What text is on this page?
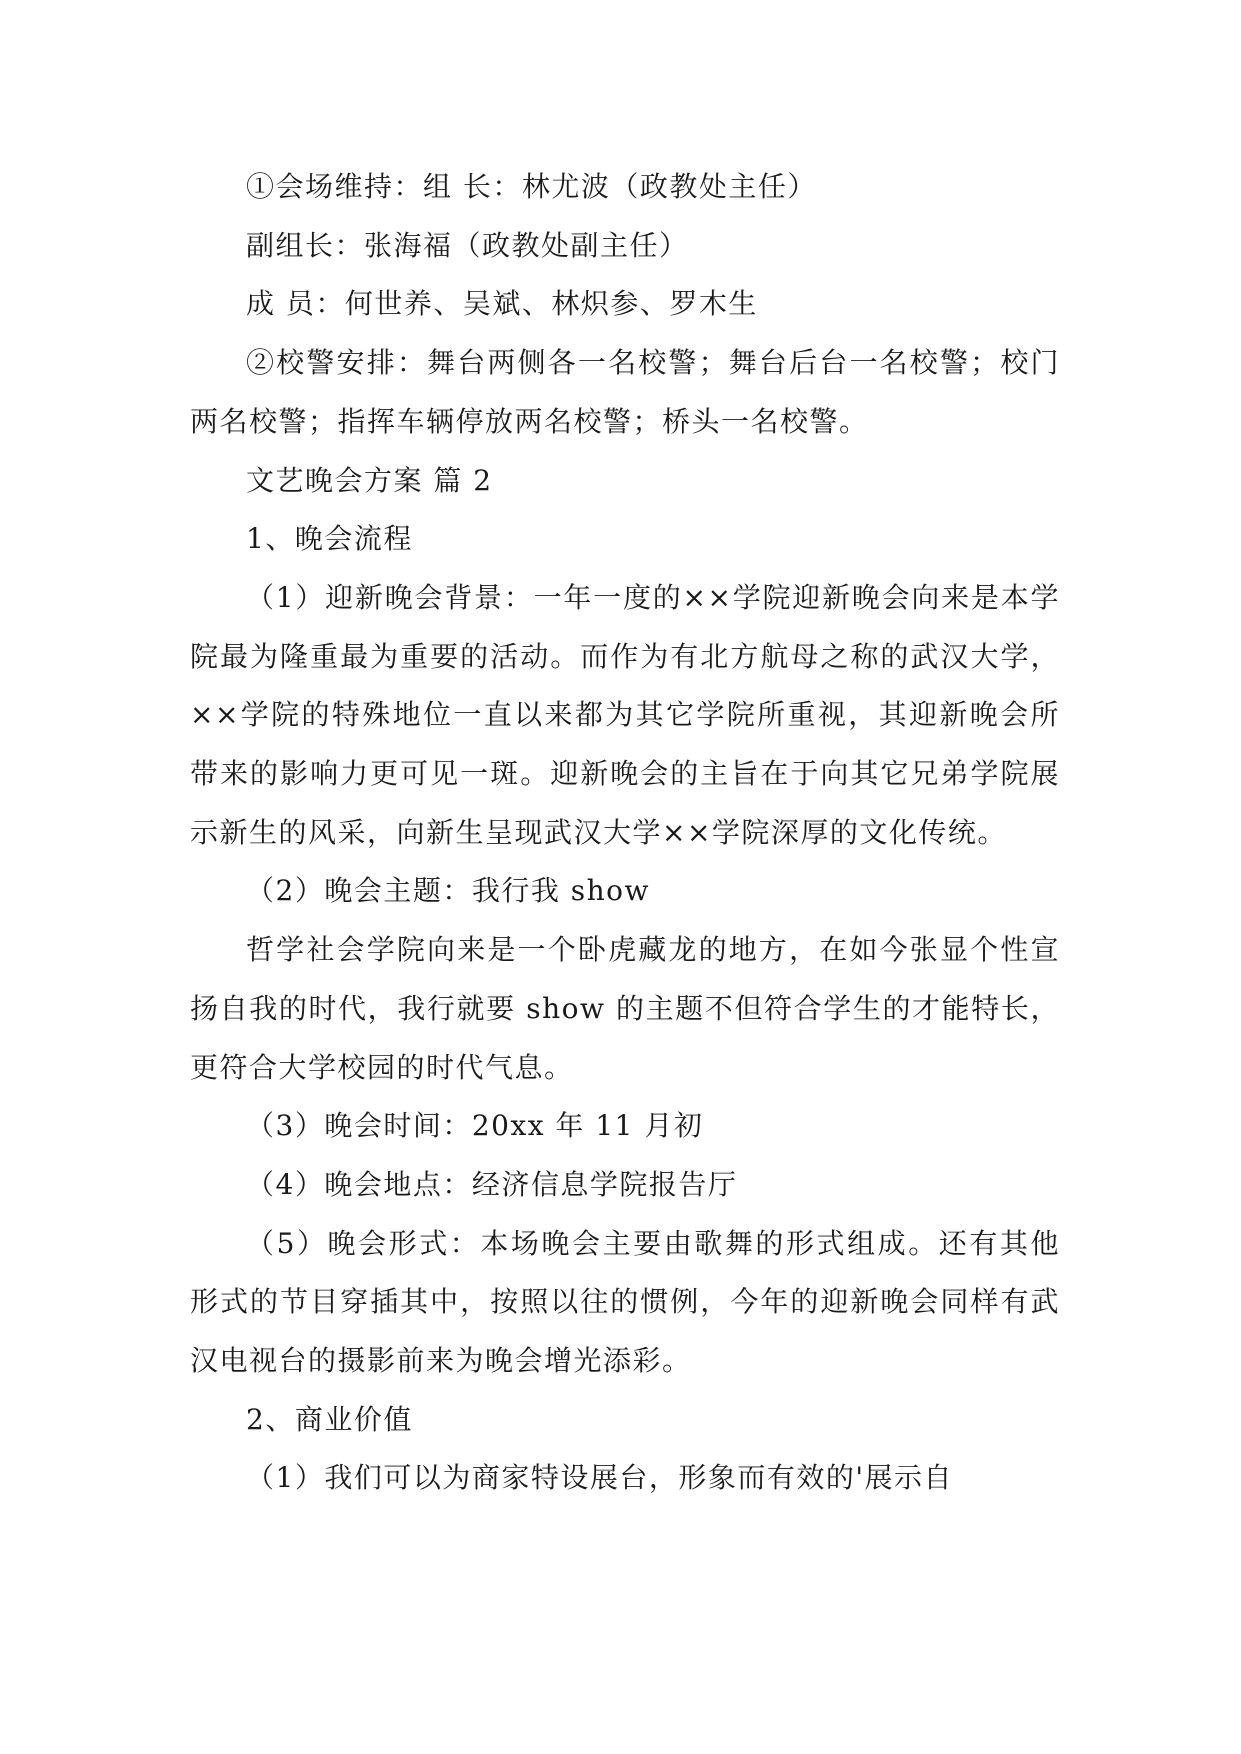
①会场维持：组 长：林尤波（政教处主任）

副组长：张海福（政教处副主任）

成 员：何世养、吴斌、林炽参、罗木生

②校警安排：舞台两侧各一名校警；舞台后台一名校警；校门两名校警；指挥车辆停放两名校警；桥头一名校警。

文艺晚会方案 篇 2

1、晚会流程

（1）迎新晚会背景：一年一度的××学院迎新晚会向来是本学院最为隆重最为重要的活动。而作为有北方航母之称的武汉大学，××学院的特殊地位一直以来都为其它学院所重视，其迎新晚会所带来的影响力更可见一斑。迎新晚会的主旨在于向其它兄弟学院展示新生的风采，向新生呈现武汉大学××学院深厚的文化传统。

（2）晚会主题：我行我 show

哲学社会学院向来是一个卧虎藏龙的地方，在如今张显个性宣扬自我的时代，我行就要 show 的主题不但符合学生的才能特长，更符合大学校园的时代气息。

（3）晚会时间：20xx 年 11 月初

（4）晚会地点：经济信息学院报告厅

（5）晚会形式：本场晚会主要由歌舞的形式组成。还有其他形式的节目穿插其中，按照以往的惯例，今年的迎新晚会同样有武汉电视台的摄影前来为晚会增光添彩。

2、商业价值

（1）我们可以为商家特设展台，形象而有效的'展示自
